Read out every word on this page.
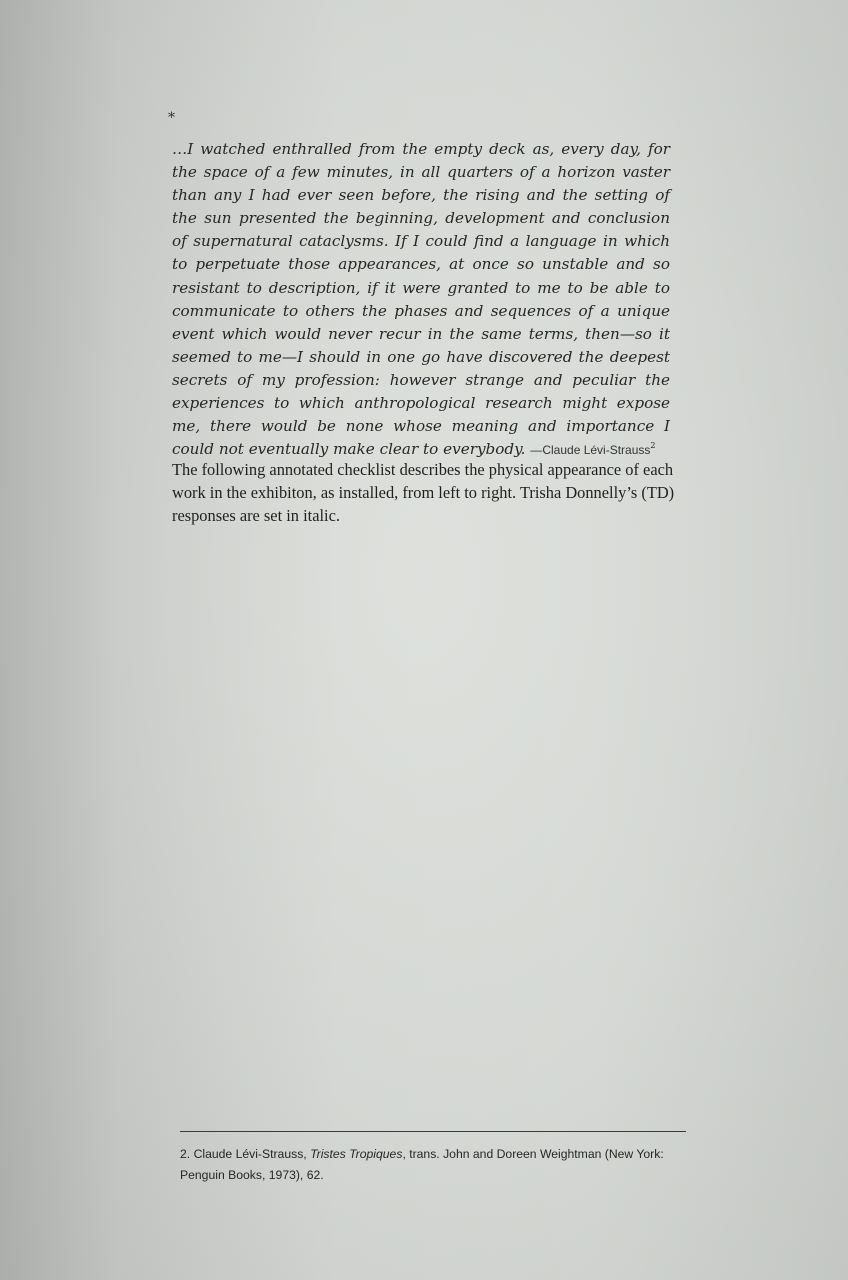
*

…I watched enthralled from the empty deck as, every day, for the space of a few minutes, in all quarters of a horizon vaster than any I had ever seen before, the rising and the setting of the sun presented the beginning, development and conclusion of supernatural cataclysms. If I could find a language in which to perpetuate those appearances, at once so unstable and so resistant to description, if it were granted to me to be able to communicate to others the phases and sequences of a unique event which would never recur in the same terms, then—so it seemed to me—I should in one go have discovered the deepest secrets of my profession: however strange and peculiar the experiences to which anthropological research might expose me, there would be none whose meaning and importance I could not eventually make clear to everybody. —Claude Lévi-Strauss$^2$

The following annotated checklist describes the physical appearance of each work in the exhibiton, as installed, from left to right. Trisha Donnelly’s (TD) responses are set in italic.

2. Claude Lévi-Strauss, Tristes Tropiques, trans. John and Doreen Weightman (New York: Penguin Books, 1973), 62.
